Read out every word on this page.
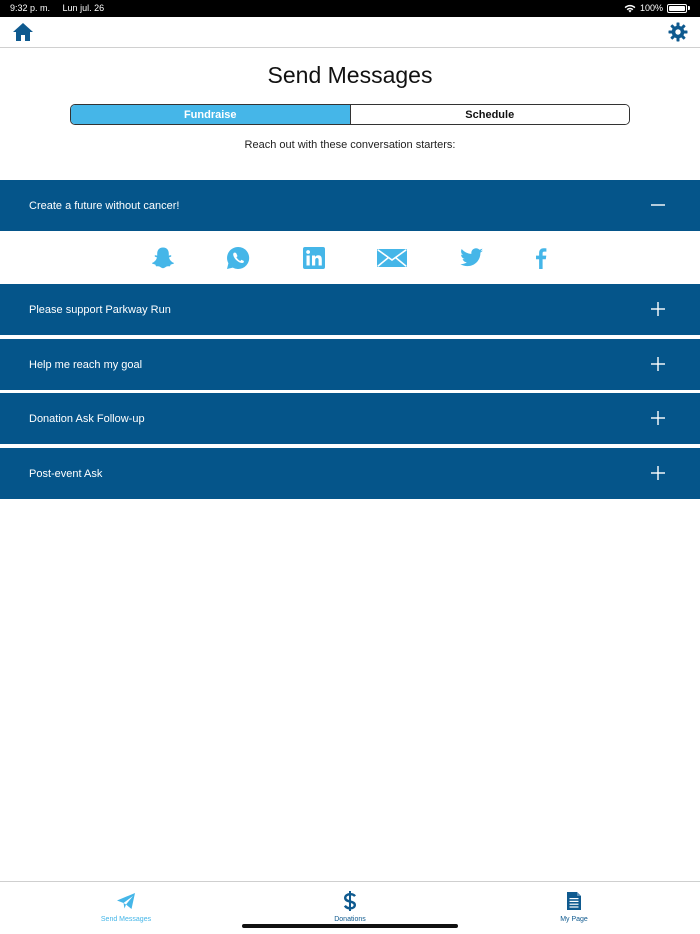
9:32 p. m. Lun jul. 26	100%
Send Messages
Fundraise	Schedule
Reach out with these conversation starters:
Create a future without cancer!
Please support Parkway Run
Help me reach my goal
Donation Ask Follow-up
Post-event Ask
Send Messages	Donations	My Page
